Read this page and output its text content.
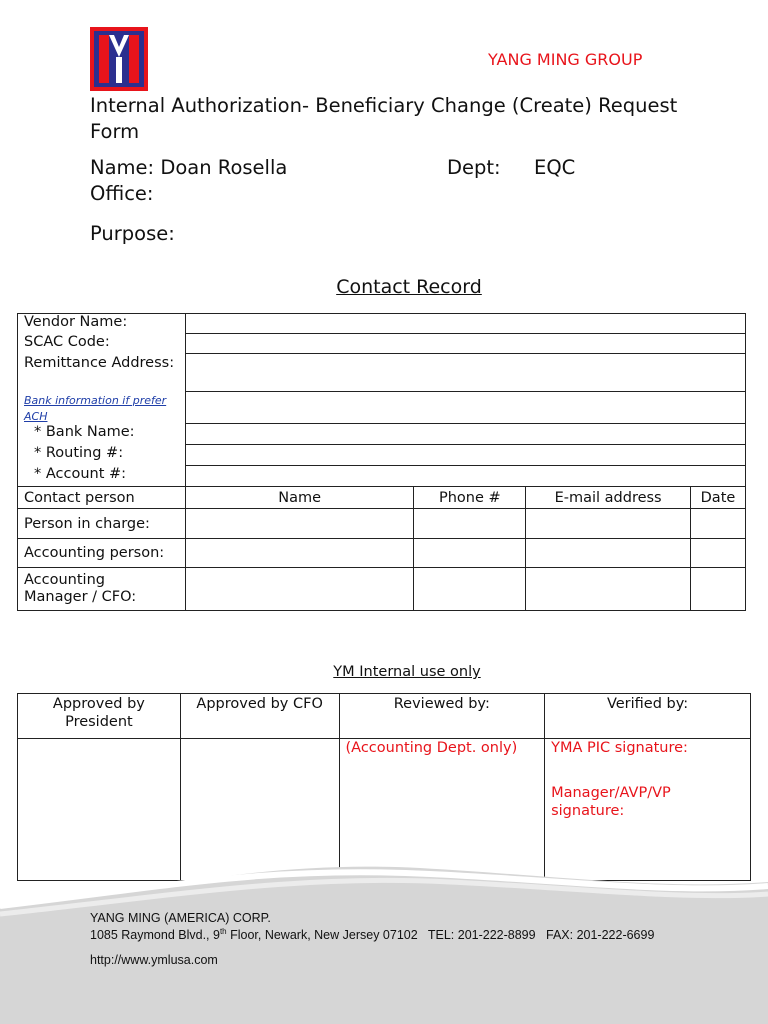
YANG MING GROUP
Internal Authorization- Beneficiary Change (Create) Request Form
Name: Doan Rosella	Dept: EQC
Office:
Purpose:
Contact Record
Vendor Name:				
SCAC Code:				
Remittance Address:				
Bank information if prefer ACH				
* Bank Name:				
* Routing #:				
* Account #:				
Contact person	Name	Phone #	E-mail address	Date
Person in charge:				
Accounting person:				
Accounting Manager / CFO:				
YM Internal use only
Approved by President	Approved by CFO	Reviewed by:	Verified by:
		(Accounting Dept. only)	YMA PIC signature:
Manager/AVP/VP signature:
YANG MING (AMERICA) CORP.
1085 Raymond Blvd., 9th Floor, Newark, New Jersey 07102   TEL: 201-222-8899   FAX: 201-222-6699
http://www.ymlusa.com
